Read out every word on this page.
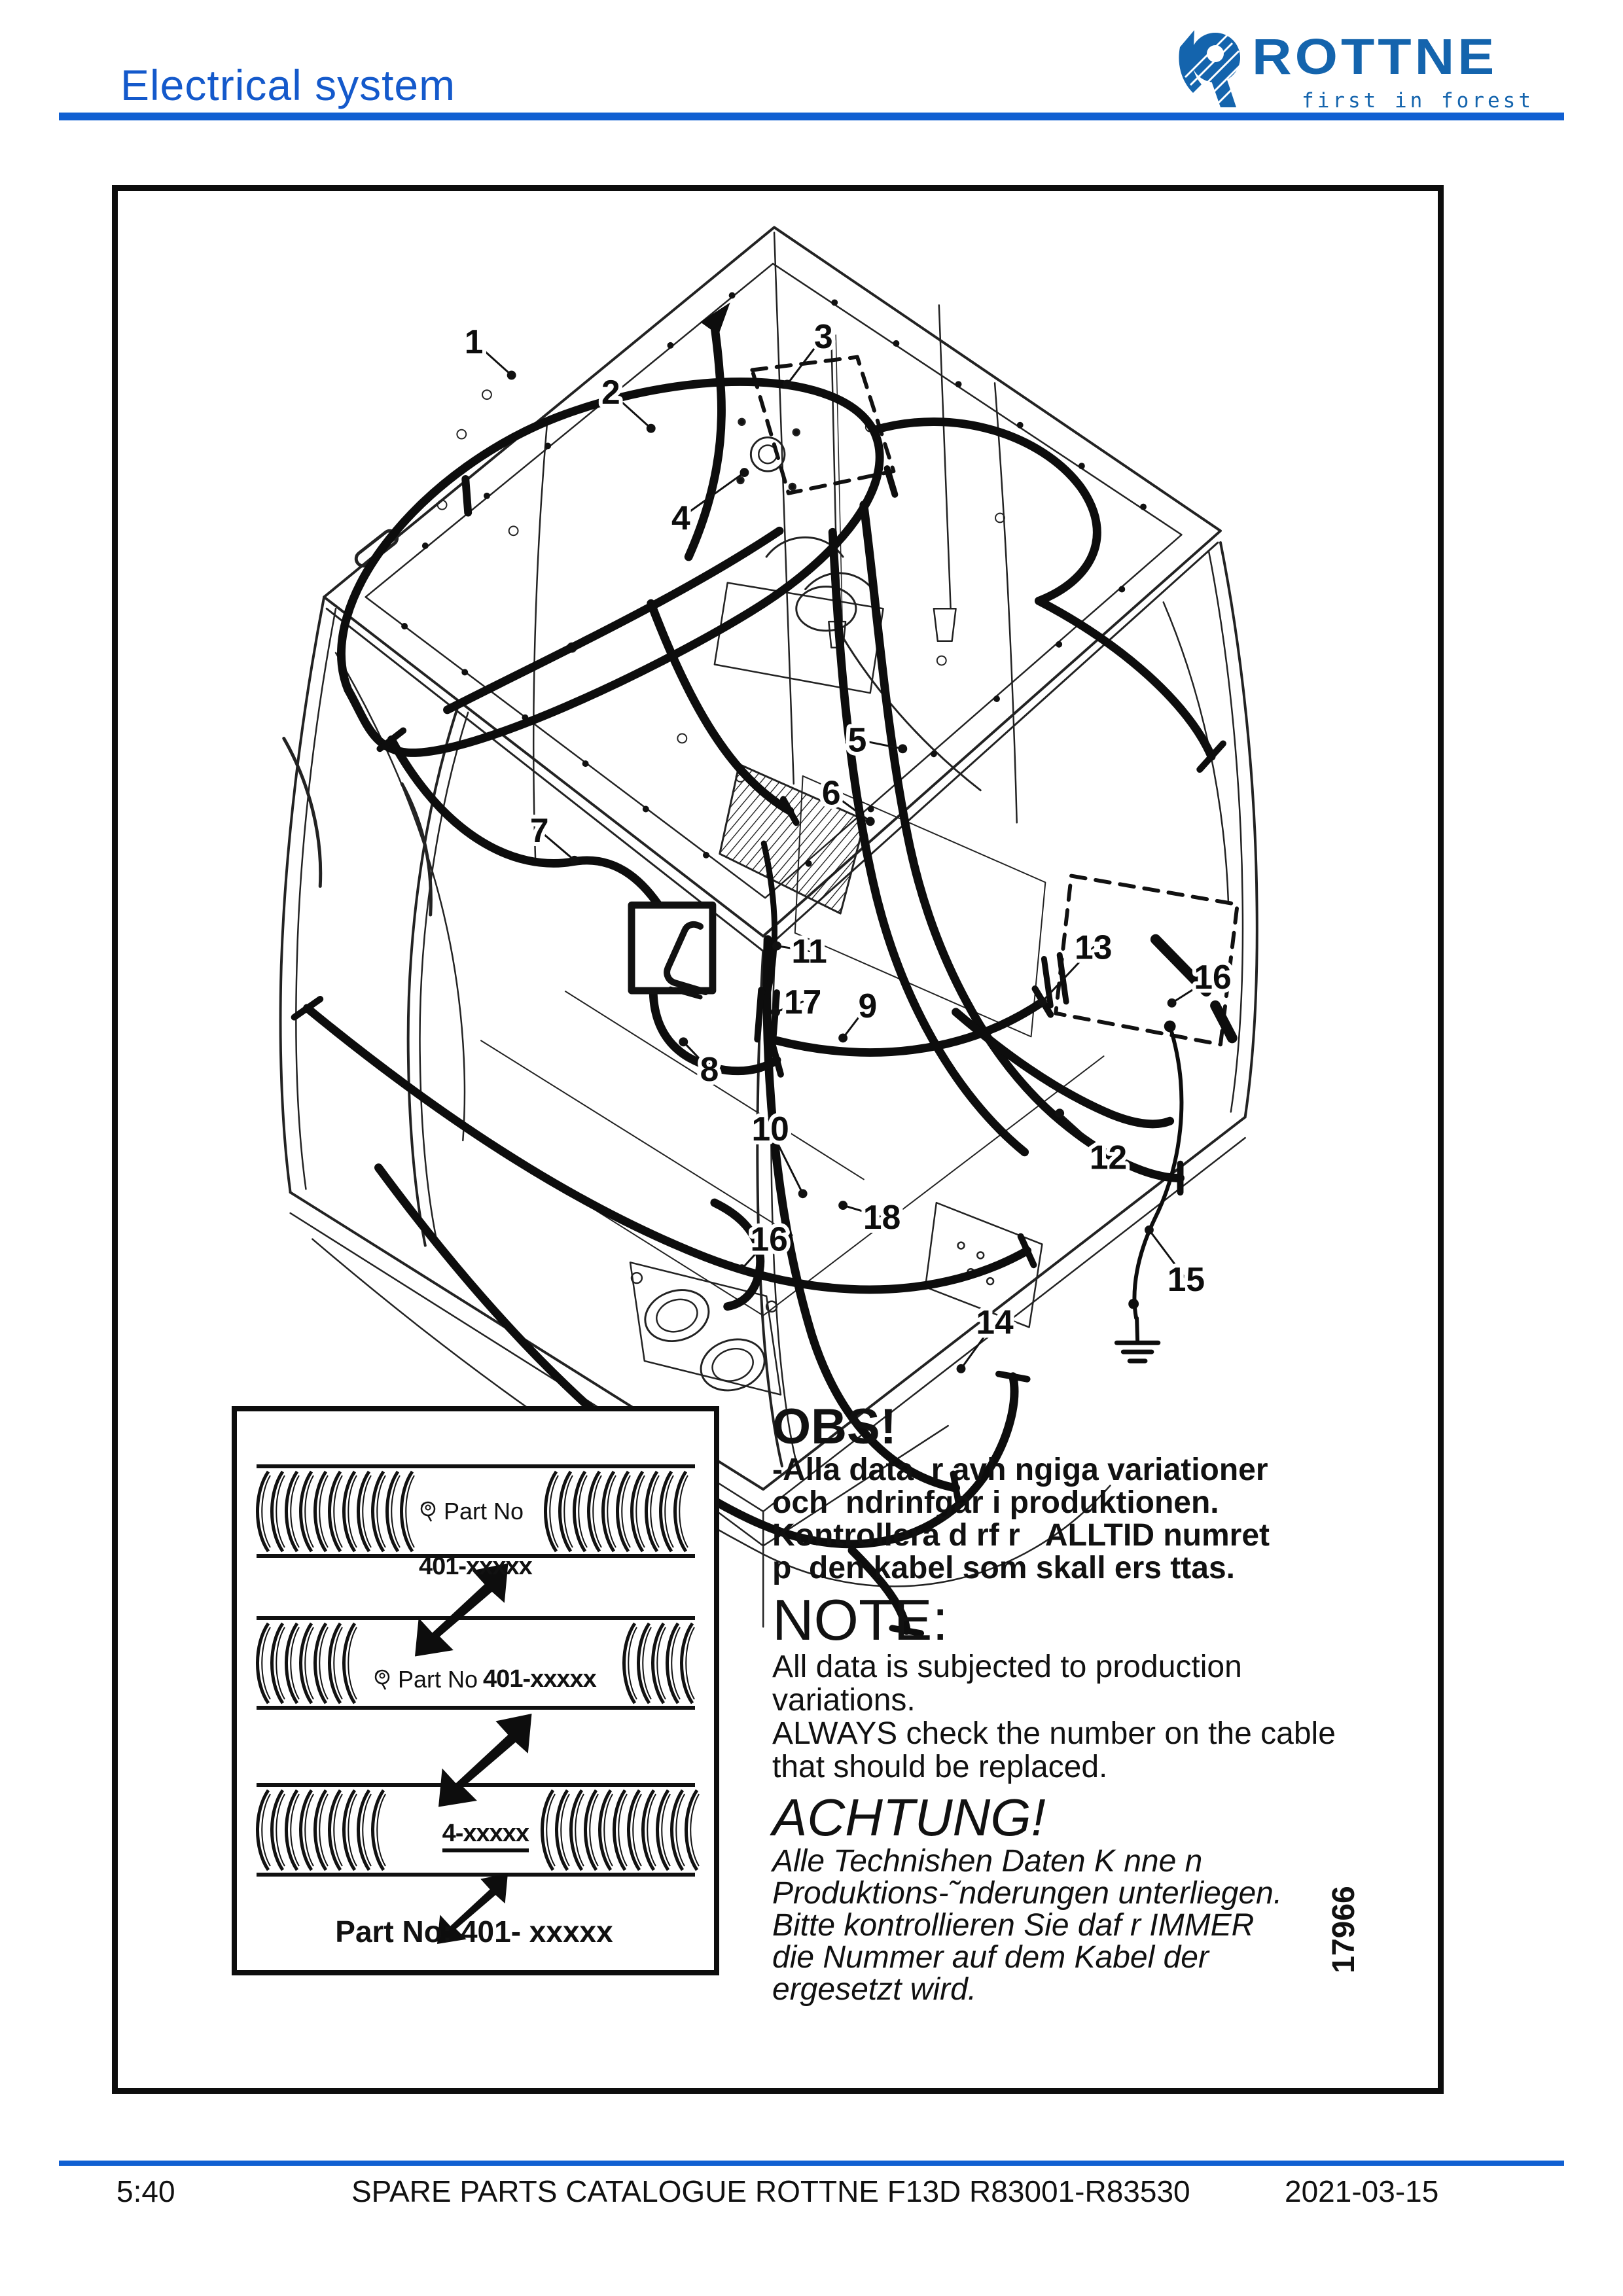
Electrical system
ROTTNE
first in forest
1
2
3
4
5
6
7
8
9
10
11
12
13
14
15
16
16
17
18

Part No

401-xxxxx

Part No 401-xxxxx

4-xxxxx

Part No: 401- xxxxx
OBS!
-Alla data  r avh ngiga variationer
och  ndrinfgar i produktionen.
Kontrollera d rf r   ALLTID numret
p  den kabel som skall ers ttas.
NOTE:
All data is subjected to production
variations.
ALWAYS check the number on the cable
that should be replaced.
ACHTUNG!
Alle Technishen Daten K nne n
Produktions-˜nderungen unterliegen.
Bitte kontrollieren Sie daf r IMMER
die Nummer auf dem Kabel der
ergesetzt wird.
17966
5:40	SPARE PARTS CATALOGUE ROTTNE F13D R83001-R83530	2021-03-15
